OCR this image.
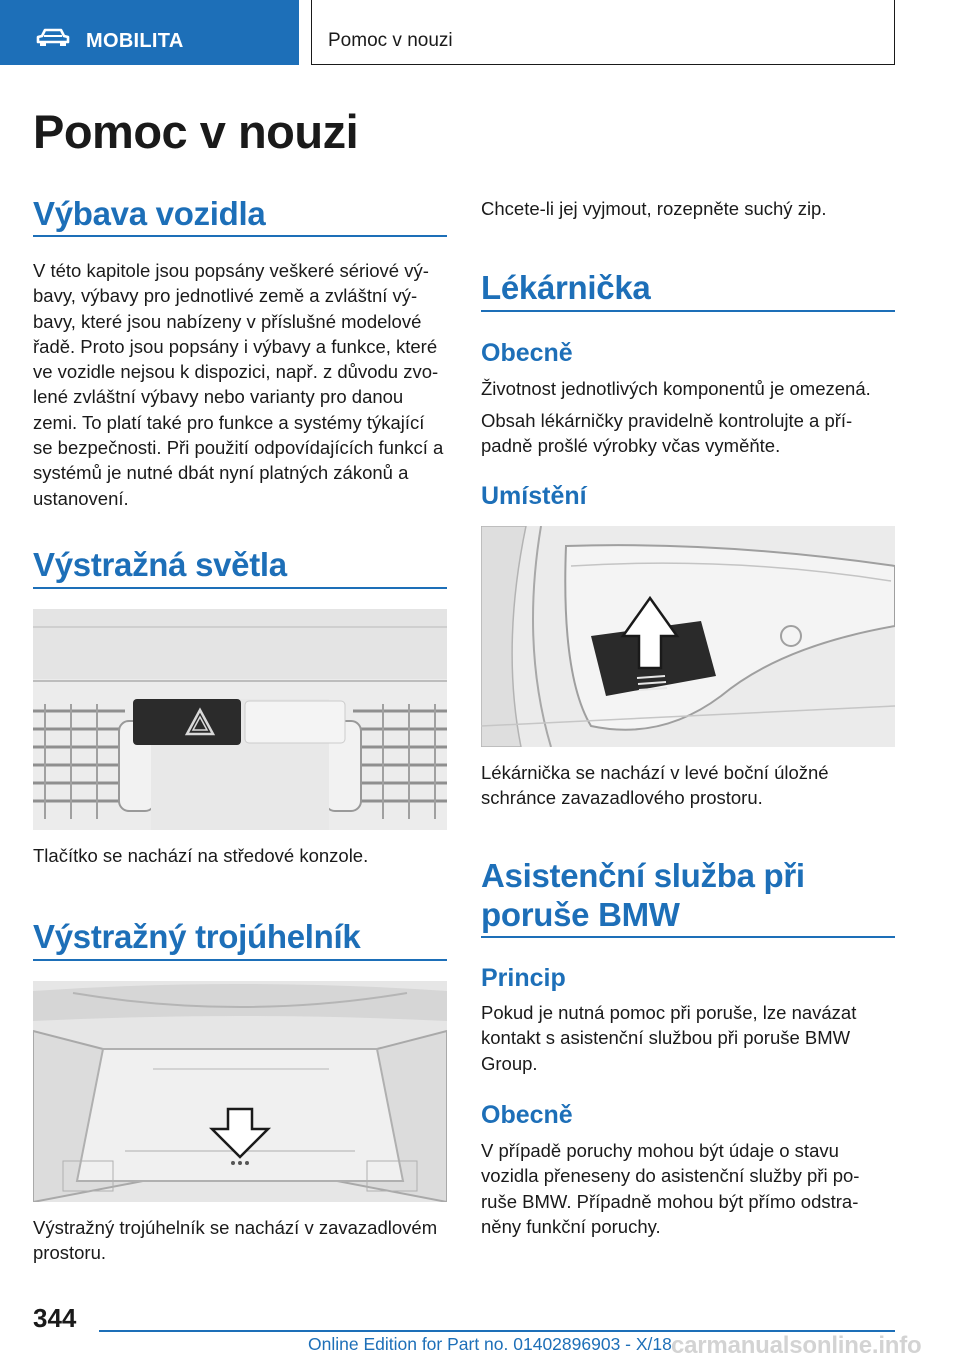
MOBILITA	Pomoc v nouzi
Pomoc v nouzi
Výbava vozidla
V této kapitole jsou popsány veškeré sériové vý‐
bavy, výbavy pro jednotlivé země a zvláštní vý‐
bavy, které jsou nabízeny v příslušné modelové
řadě. Proto jsou popsány i výbavy a funkce, které
ve vozidle nejsou k dispozici, např. z důvodu zvo‐
lené zvláštní výbavy nebo varianty pro danou
zemi. To platí také pro funkce a systémy týkající
se bezpečnosti. Při použití odpovídajících funkcí a
systémů je nutné dbát nyní platných zákonů a
ustanovení.
Výstražná světla
Tlačítko se nachází na středové konzole.
Výstražný trojúhelník
Výstražný trojúhelník se nachází v zavazadlovém
prostoru.
Chcete-li jej vyjmout, rozepněte suchý zip.
Lékárnička
Obecně
Životnost jednotlivých komponentů je omezená.
Obsah lékárničky pravidelně kontrolujte a pří‐
padně prošlé výrobky včas vyměňte.
Umístění
Lékárnička se nachází v levé boční úložné
schránce zavazadlového prostoru.
Asistenční služba při
poruše BMW
Princip
Pokud je nutná pomoc při poruše, lze navázat
kontakt s asistenční službou při poruše BMW
Group.
Obecně
V případě poruchy mohou být údaje o stavu
vozidla přeneseny do asistenční služby při po‐
ruše BMW. Případně mohou být přímo odstra‐
něny funkční poruchy.
344
Online Edition for Part no. 01402896903 - X/18 carmanualsonline.info
